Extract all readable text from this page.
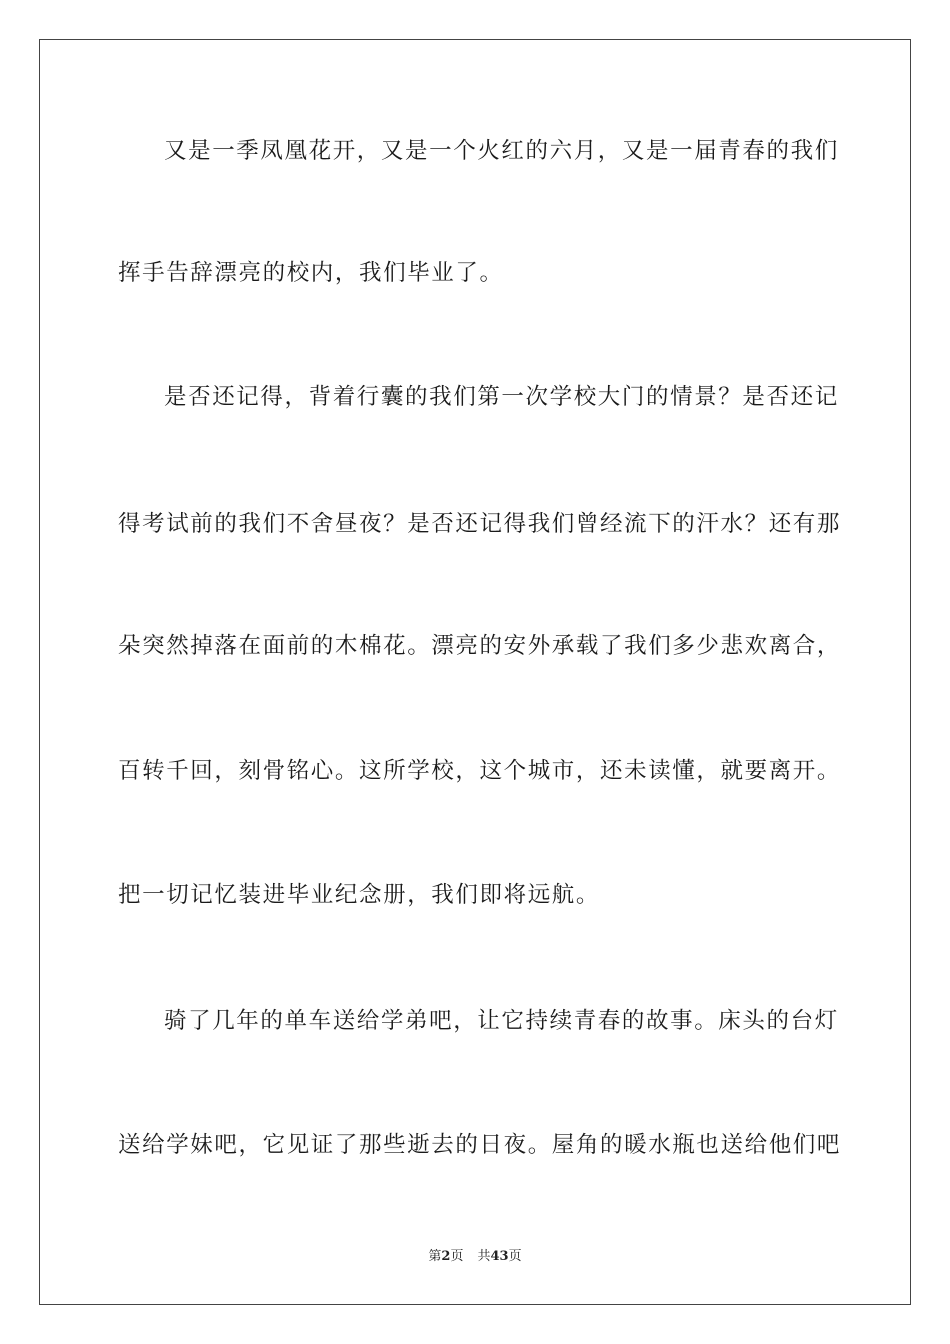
又是一季凤凰花开，又是一个火红的六月，又是一届青春的我们
挥手告辞漂亮的校内，我们毕业了。
是否还记得，背着行囊的我们第一次学校大门的情景？是否还记
得考试前的我们不舍昼夜？是否还记得我们曾经流下的汗水？还有那
朵突然掉落在面前的木棉花。漂亮的安外承载了我们多少悲欢离合，
百转千回，刻骨铭心。这所学校，这个城市，还未读懂，就要离开。
把一切记忆装进毕业纪念册，我们即将远航。
骑了几年的单车送给学弟吧，让它持续青春的故事。床头的台灯
送给学妹吧，它见证了那些逝去的日夜。屋角的暖水瓶也送给他们吧
第2页 共43页
